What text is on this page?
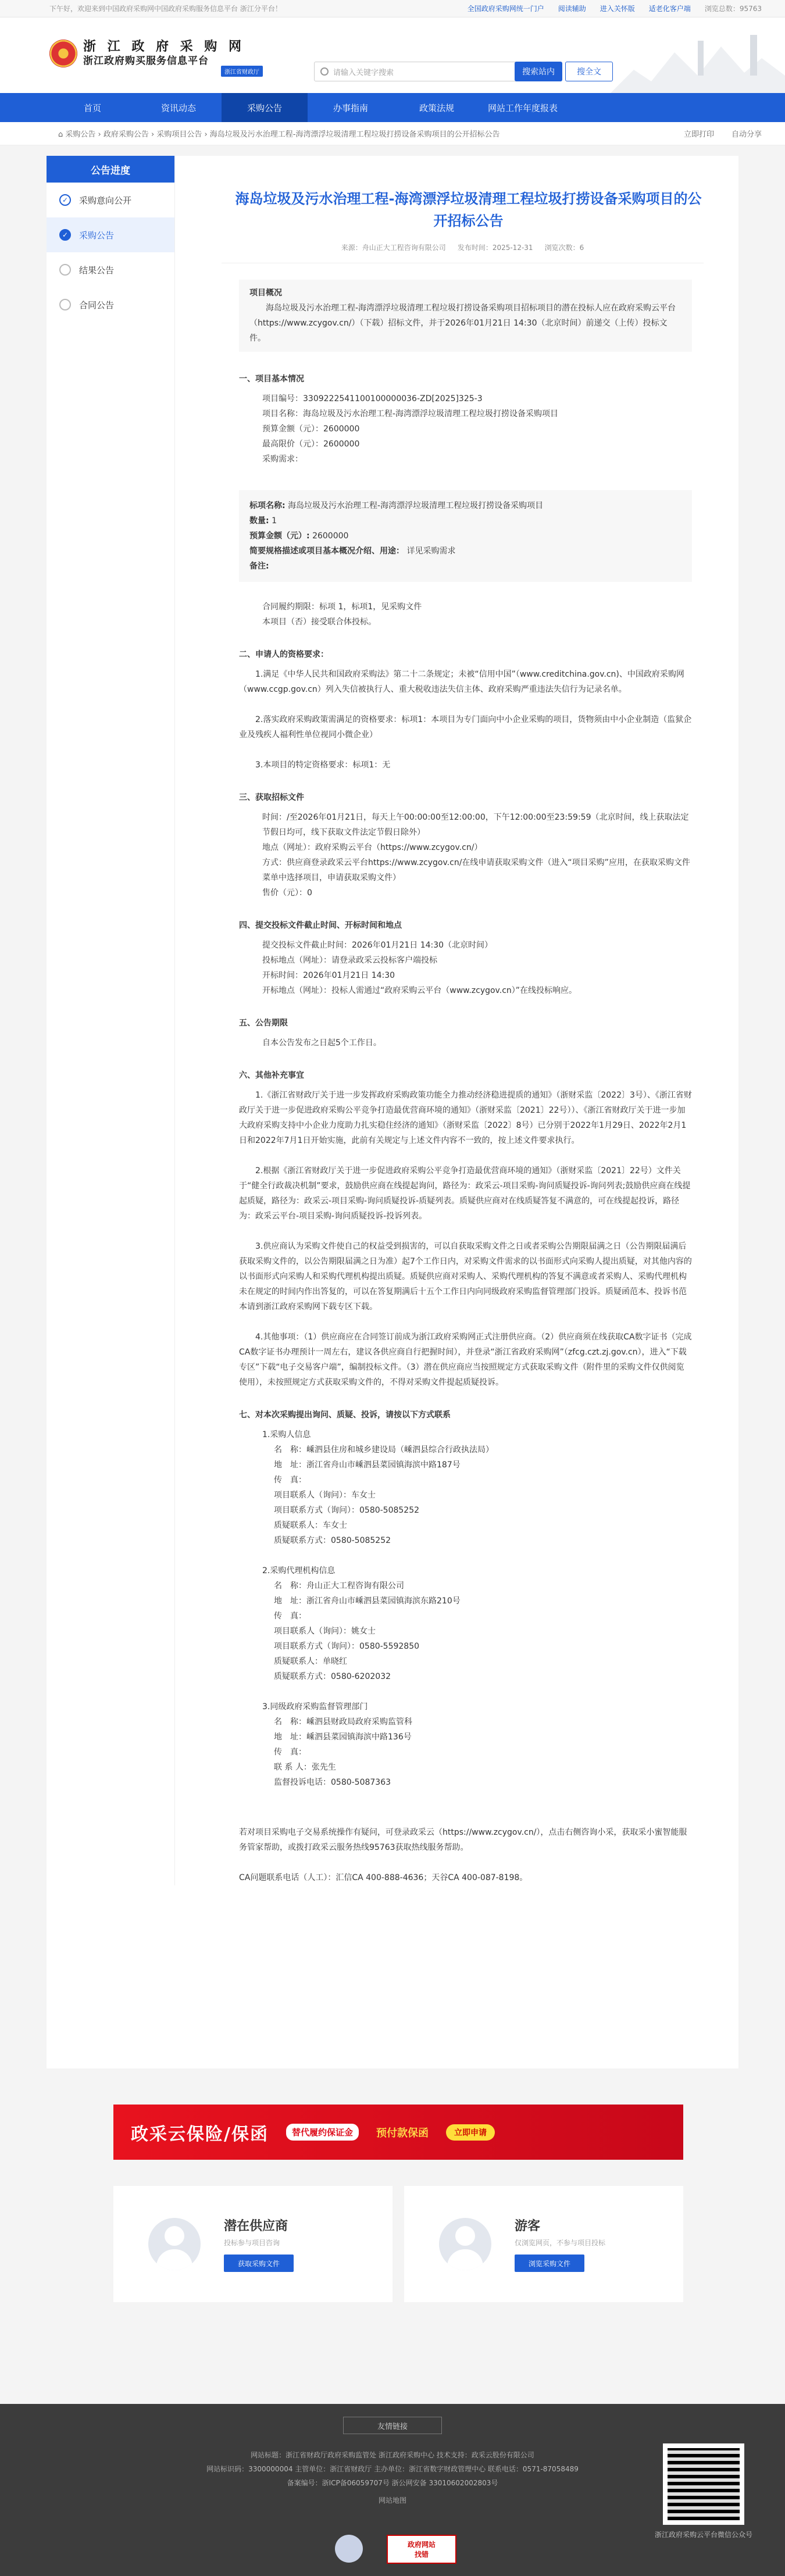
下午好，欢迎来到中国政府采购网中国政府采购服务信息平台 浙江分平台！	全国政府采购网统一门户 阅读辅助 进入关怀版 适老化客户端 浏览总数：95763
浙 江 政 府 采 购 网
浙江政府购买服务信息平台
浙江省财政厅	请输入关键字搜索	搜索站内	搜全文
首页	资讯动态	采购公告	办事指南	政策法规	网站工作年度报表
⌂ 采购公告 › 政府采购公告 › 采购项目公告 › 海岛垃圾及污水治理工程-海湾漂浮垃圾清理工程垃圾打捞设备采购项目的公开招标公告	立即打印 自动分享
公告进度
✓	采购意向公开
✓	采购公告
结果公告
合同公告
海岛垃圾及污水治理工程-海湾漂浮垃圾清理工程垃圾打捞设备采购项目的公开招标公告
来源：舟山正大工程咨询有限公司 发布时间：2025-12-31 浏览次数：6
项目概况
海岛垃圾及污水治理工程-海湾漂浮垃圾清理工程垃圾打捞设备采购项目招标项目的潜在投标人应在政府采购云平台（https://www.zcygov.cn/）（下载）招标文件，并于2026年01月21日 14:30（北京时间）前递交（上传）投标文件。
一、项目基本情况
项目编号：3309222541100100000036-ZD[2025]325-3
项目名称：海岛垃圾及污水治理工程-海湾漂浮垃圾清理工程垃圾打捞设备采购项目
预算金额（元）：2600000
最高限价（元）：2600000
采购需求：
标项名称: 海岛垃圾及污水治理工程-海湾漂浮垃圾清理工程垃圾打捞设备采购项目
数量: 1
预算金额（元）: 2600000
简要规格描述或项目基本概况介绍、用途： 详见采购需求
备注:
合同履约期限：标项 1，标项1，见采购文件
本项目（否）接受联合体投标。
二、申请人的资格要求：
1.满足《中华人民共和国政府采购法》第二十二条规定；未被“信用中国”（www.creditchina.gov.cn)、中国政府采购网（www.ccgp.gov.cn）列入失信被执行人、重大税收违法失信主体、政府采购严重违法失信行为记录名单。
2.落实政府采购政策需满足的资格要求：标项1：本项目为专门面向中小企业采购的项目，货物须由中小企业制造（监狱企业及残疾人福利性单位视同小微企业）
3.本项目的特定资格要求：标项1：无
三、获取招标文件
时间：/至2026年01月21日，每天上午00:00:00至12:00:00，下午12:00:00至23:59:59（北京时间，线上获取法定节假日均可，线下获取文件法定节假日除外）
地点（网址）：政府采购云平台（https://www.zcygov.cn/）
方式：供应商登录政采云平台https://www.zcygov.cn/在线申请获取采购文件（进入“项目采购”应用，在获取采购文件菜单中选择项目，申请获取采购文件）
售价（元）：0
四、提交投标文件截止时间、开标时间和地点
提交投标文件截止时间：2026年01月21日 14:30（北京时间）
投标地点（网址）：请登录政采云投标客户端投标
开标时间：2026年01月21日 14:30
开标地点（网址）：投标人需通过“政府采购云平台（www.zcygov.cn）”在线投标响应。
五、公告期限
自本公告发布之日起5个工作日。
六、其他补充事宜
1.《浙江省财政厅关于进一步发挥政府采购政策功能全力推动经济稳进提质的通知》（浙财采监〔2022〕3号）、《浙江省财政厅关于进一步促进政府采购公平竞争打造最优营商环境的通知》（浙财采监〔2021〕22号））、《浙江省财政厅关于进一步加大政府采购支持中小企业力度助力扎实稳住经济的通知》（浙财采监〔2022〕8号）已分别于2022年1月29日、2022年2月1日和2022年7月1日开始实施，此前有关规定与上述文件内容不一致的，按上述文件要求执行。
2.根据《浙江省财政厅关于进一步促进政府采购公平竞争打造最优营商环境的通知》（浙财采监〔2021〕22号）文件关于“健全行政裁决机制”要求，鼓励供应商在线提起询问，路径为：政采云-项目采购-询问质疑投诉-询问列表;鼓励供应商在线提起质疑，路径为：政采云-项目采购-询问质疑投诉-质疑列表。质疑供应商对在线质疑答复不满意的，可在线提起投诉，路径为：政采云平台-项目采购-询问质疑投诉-投诉列表。
3.供应商认为采购文件使自己的权益受到损害的，可以自获取采购文件之日或者采购公告期限届满之日（公告期限届满后获取采购文件的，以公告期限届满之日为准）起7个工作日内，对采购文件需求的以书面形式向采购人提出质疑，对其他内容的以书面形式向采购人和采购代理机构提出质疑。质疑供应商对采购人、采购代理机构的答复不满意或者采购人、采购代理机构未在规定的时间内作出答复的，可以在答复期满后十五个工作日内向同级政府采购监督管理部门投诉。质疑函范本、投诉书范本请到浙江政府采购网下载专区下载。
4.其他事项：（1）供应商应在合同签订前成为浙江政府采购网正式注册供应商。（2）供应商须在线获取CA数字证书（完成CA数字证书办理预计一周左右，建议各供应商自行把握时间），并登录“浙江省政府采购网”（zfcg.czt.zj.gov.cn），进入“下载专区”下载“电子交易客户端”，编制投标文件。（3）潜在供应商应当按照规定方式获取采购文件（附件里的采购文件仅供阅览使用），未按照规定方式获取采购文件的，不得对采购文件提起质疑投诉。
七、对本次采购提出询问、质疑、投诉，请按以下方式联系
1.采购人信息
名　称：嵊泗县住房和城乡建设局（嵊泗县综合行政执法局）
地　址：浙江省舟山市嵊泗县菜园镇海滨中路187号
传　真：
项目联系人（询问）：车女士
项目联系方式（询问）：0580-5085252
质疑联系人：车女士
质疑联系方式：0580-5085252
2.采购代理机构信息
名　称：舟山正大工程咨询有限公司
地　址：浙江省舟山市嵊泗县菜园镇海滨东路210号
传　真：
项目联系人（询问）：姚女士
项目联系方式（询问）：0580-5592850
质疑联系人：单晓红
质疑联系方式：0580-6202032
3.同级政府采购监督管理部门
名　称：嵊泗县财政局政府采购监管科
地　址：嵊泗县菜园镇海滨中路136号
传　真：
联 系 人：张先生
监督投诉电话：0580-5087363
若对项目采购电子交易系统操作有疑问，可登录政采云（https://www.zcygov.cn/），点击右侧咨询小采，获取采小蜜智能服务管家帮助，或拨打政采云服务热线95763获取热线服务帮助。
CA问题联系电话（人工）：汇信CA 400-888-4636；天谷CA 400-087-8198。
政采云保险/保函	替代履约保证金	预付款保函	立即申请
潜在供应商
投标参与项目咨询
获取采购文件
游客
仅浏览网页，不参与项目投标
浏览采购文件
友情链接
网站标题：浙江省财政厅政府采购监管处 浙江政府采购中心 技术支持：政采云股份有限公司
网站标识码：3300000004 主管单位：浙江省财政厅 主办单位：浙江省数字财政管理中心 联系电话：0571-87058489
备案编号：浙ICP备06059707号 浙公网安备 33010602002803号
网站地图
浙江政府采购云平台微信公众号
政府网站
找错
